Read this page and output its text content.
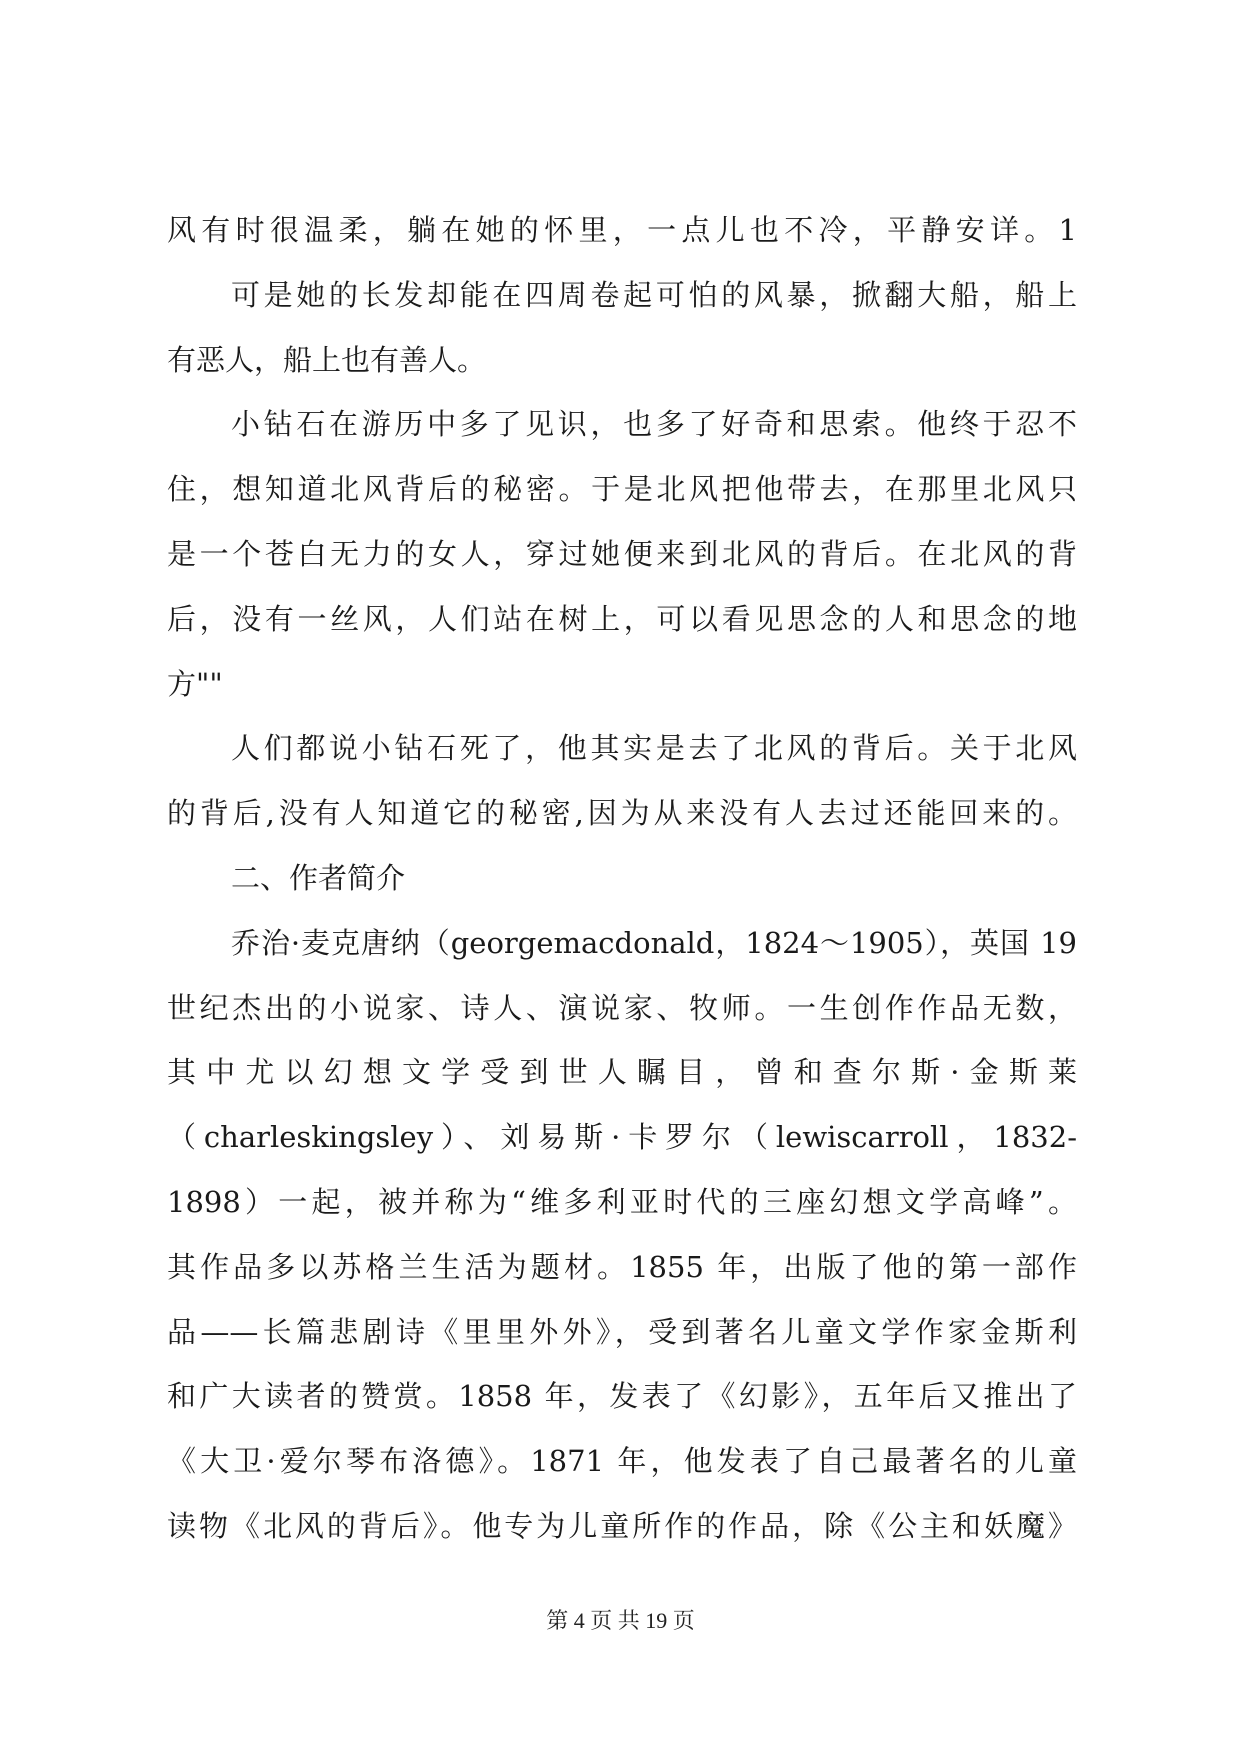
风有时很温柔，躺在她的怀里，一点儿也不冷，平静安详。1
可是她的长发却能在四周卷起可怕的风暴，掀翻大船，船上
有恶人，船上也有善人。
小钻石在游历中多了见识，也多了好奇和思索。他终于忍不
住，想知道北风背后的秘密。于是北风把他带去，在那里北风只
是一个苍白无力的女人，穿过她便来到北风的背后。在北风的背
后，没有一丝风，人们站在树上，可以看见思念的人和思念的地
方""
人们都说小钻石死了，他其实是去了北风的背后。关于北风
的背后,没有人知道它的秘密,因为从来没有人去过还能回来的。
二、作者简介
乔治·麦克唐纳（georgemacdonald，1824～1905），英国 19
世纪杰出的小说家、诗人、演说家、牧师。一生创作作品无数，
其中尤以幻想文学受到世人瞩目，曾和查尔斯·金斯莱
（charleskingsley）、刘易斯·卡罗尔（lewiscarroll，1832-
1898）一起，被并称为“维多利亚时代的三座幻想文学高峰”。
其作品多以苏格兰生活为题材。1855 年，出版了他的第一部作
品——长篇悲剧诗《里里外外》，受到著名儿童文学作家金斯利
和广大读者的赞赏。1858 年，发表了《幻影》，五年后又推出了
《大卫·爱尔琴布洛德》。1871 年，他发表了自己最著名的儿童
读物《北风的背后》。他专为儿童所作的作品，除《公主和妖魔》
第 4 页 共 19 页
